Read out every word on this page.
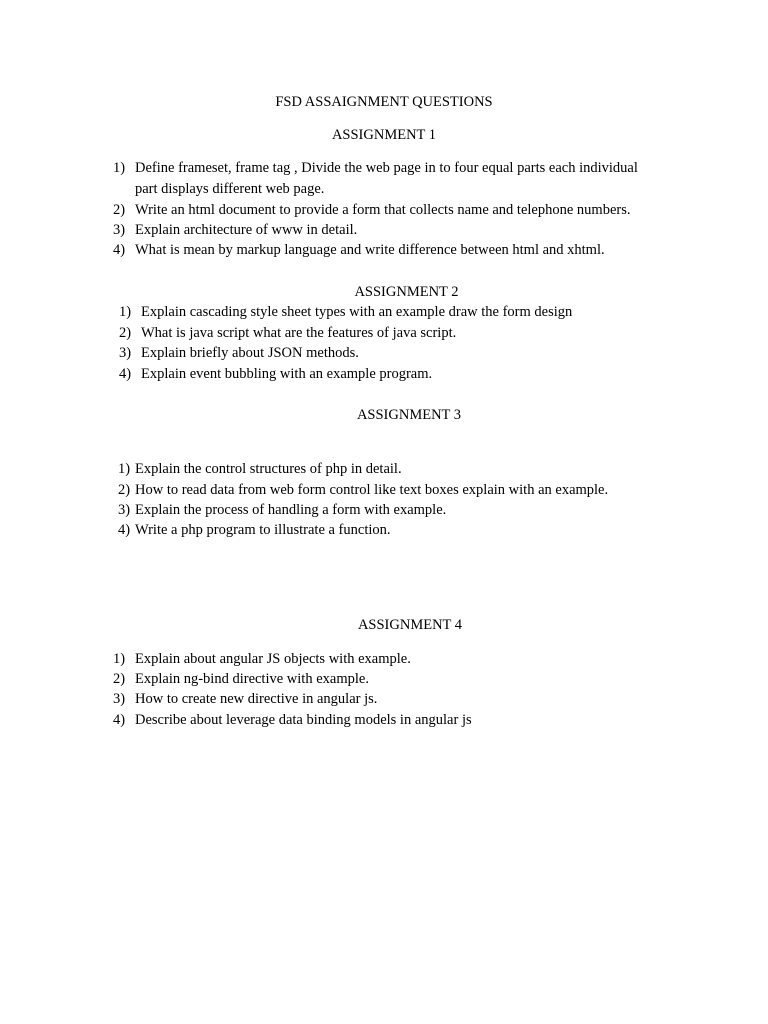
FSD ASSAIGNMENT QUESTIONS
ASSIGNMENT 1
1) Define frameset, frame tag , Divide the web page in to four equal parts each individual
part displays different web page.
2) Write an html document to provide a form that collects name and telephone numbers.
3) Explain architecture of www in detail.
4) What is mean by markup language and write difference between html and xhtml.
ASSIGNMENT 2
1) Explain cascading style sheet types with an example draw the form design
2) What is java script what are the features of java script.
3) Explain briefly about JSON methods.
4) Explain event bubbling with an example program.
ASSIGNMENT 3
1) Explain the control structures of php in detail.
2) How to read data from web form control like text boxes explain with an example.
3) Explain the process of handling a form with example.
4) Write a php program to illustrate a function.
ASSIGNMENT 4
1) Explain about angular JS objects with example.
2) Explain ng-bind directive with example.
3) How to create new directive in angular js.
4) Describe about leverage data binding models in angular js
